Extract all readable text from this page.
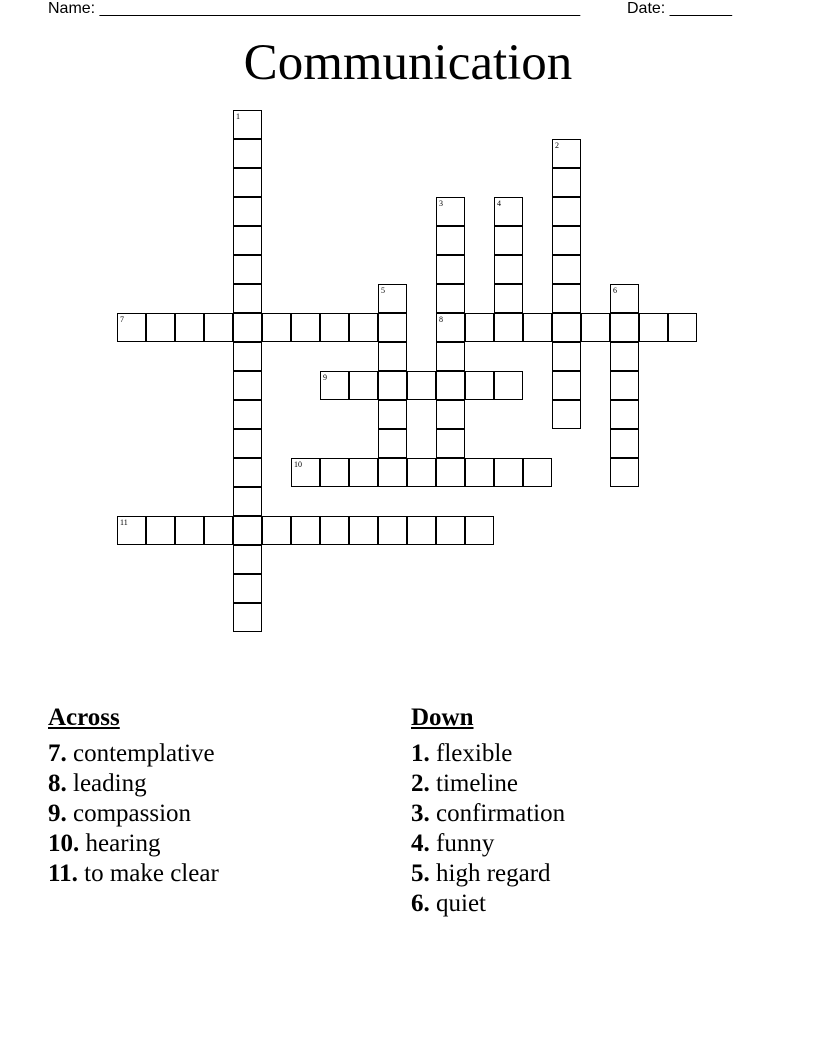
Name: ______________________________________________________	Date: _______
Communication
1
2
3	4
5	6
7	8
9
10
11
Across
7. contemplative
8. leading
9. compassion
10. hearing
11. to make clear
Down
1. flexible
2. timeline
3. confirmation
4. funny
5. high regard
6. quiet
